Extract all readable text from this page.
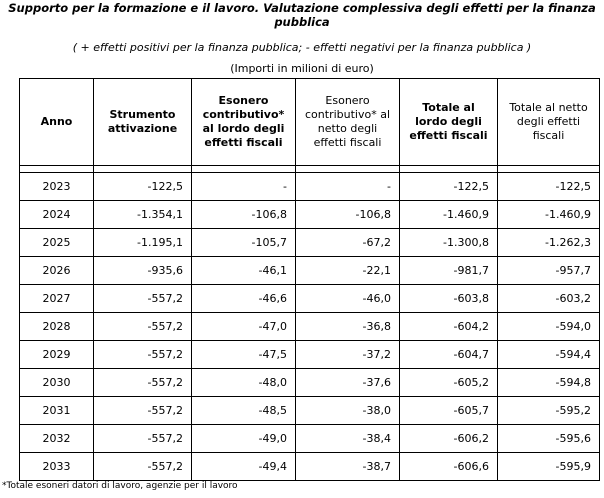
Supporto per la formazione e il lavoro. Valutazione complessiva degli effetti per la finanza
pubblica
( + effetti positivi per la finanza pubblica; - effetti negativi per la finanza pubblica )
(Importi in milioni di euro)
Anno	Strumento attivazione	Esonero contributivo* al lordo degli effetti fiscali	Esonero contributivo* al netto degli effetti fiscali	Totale al lordo degli effetti fiscali	Totale al netto degli effetti fiscali

2023	-122,5	-	-	-122,5	-122,5
2024	-1.354,1	-106,8	-106,8	-1.460,9	-1.460,9
2025	-1.195,1	-105,7	-67,2	-1.300,8	-1.262,3
2026	-935,6	-46,1	-22,1	-981,7	-957,7
2027	-557,2	-46,6	-46,0	-603,8	-603,2
2028	-557,2	-47,0	-36,8	-604,2	-594,0
2029	-557,2	-47,5	-37,2	-604,7	-594,4
2030	-557,2	-48,0	-37,6	-605,2	-594,8
2031	-557,2	-48,5	-38,0	-605,7	-595,2
2032	-557,2	-49,0	-38,4	-606,2	-595,6
2033	-557,2	-49,4	-38,7	-606,6	-595,9
*Totale esoneri datori di lavoro, agenzie per il lavoro
